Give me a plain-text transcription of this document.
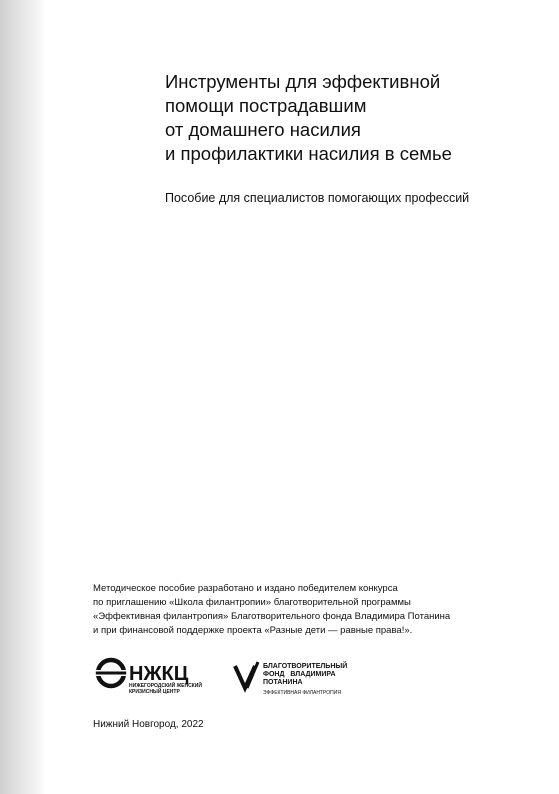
Инструменты для эффективной
помощи пострадавшим
от домашнего насилия
и профилактики насилия в семье
Пособие для специалистов помогающих профессий
Методическое пособие разработано и издано победителем конкурса
по приглашению «Школа филантропии» благотворительной программы
«Эффективная филантропия» Благотворительного фонда Владимира Потанина
и при финансовой поддержке проекта «Разные дети — равные права!».
НЖКЦ
НИЖЕГОРОДСКИЙ ЖЕНСКИЙ
КРИЗИСНЫЙ ЦЕНТР
БЛАГОТВОРИТЕЛЬНЫЙ
ФОНД ВЛАДИМИРА
ПОТАНИНА
ЭФФЕКТИВНАЯ ФИЛАНТРОПИЯ
Нижний Новгород, 2022
